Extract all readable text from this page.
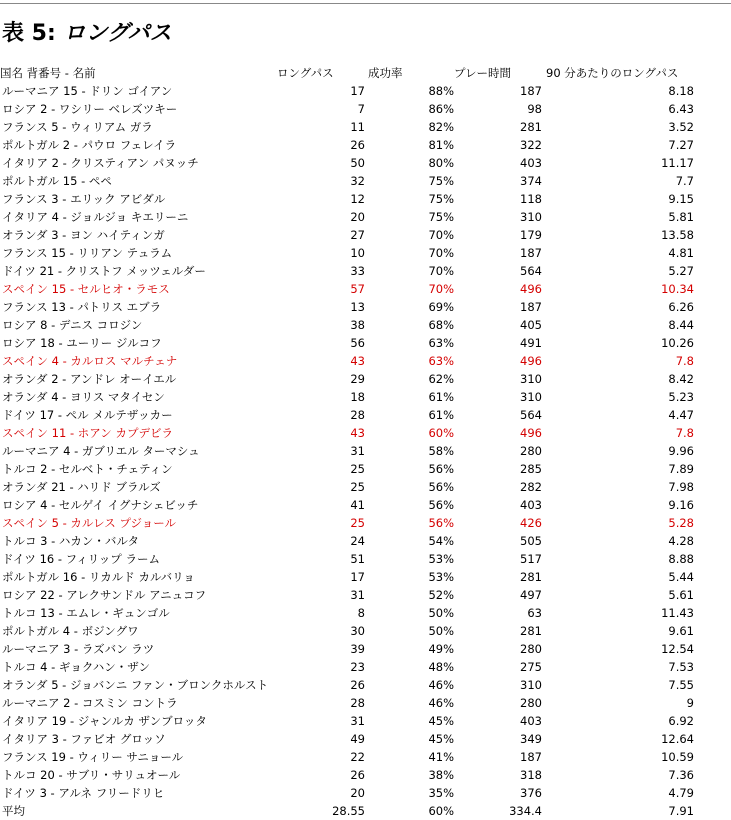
表 5: ロングパス
国名 背番号 - 名前	ロングパス	成功率	プレー時間	90 分あたりのロングパス
ルーマニア 15 - ドリン ゴイアン	17	88%	187	8.18
ロシア 2 - ワシリー ベレズツキー	7	86%	98	6.43
フランス 5 - ウィリアム ガラ	11	82%	281	3.52
ポルトガル 2 - パウロ フェレイラ	26	81%	322	7.27
イタリア 2 - クリスティアン パヌッチ	50	80%	403	11.17
ポルトガル 15 - ペペ	32	75%	374	7.7
フランス 3 - エリック アビダル	12	75%	118	9.15
イタリア 4 - ジョルジョ キエリーニ	20	75%	310	5.81
オランダ 3 - ヨン ハイティンガ	27	70%	179	13.58
フランス 15 - リリアン テュラム	10	70%	187	4.81
ドイツ 21 - クリストフ メッツェルダー	33	70%	564	5.27
スペイン 15 - セルヒオ・ラモス	57	70%	496	10.34
フランス 13 - パトリス エブラ	13	69%	187	6.26
ロシア 8 - デニス コロジン	38	68%	405	8.44
ロシア 18 - ユーリー ジルコフ	56	63%	491	10.26
スペイン 4 - カルロス マルチェナ	43	63%	496	7.8
オランダ 2 - アンドレ オーイエル	29	62%	310	8.42
オランダ 4 - ヨリス マタイセン	18	61%	310	5.23
ドイツ 17 - ペル メルテザッカー	28	61%	564	4.47
スペイン 11 - ホアン カプデビラ	43	60%	496	7.8
ルーマニア 4 - ガブリエル ターマシュ	31	58%	280	9.96
トルコ 2 - セルベト・チェティン	25	56%	285	7.89
オランダ 21 - ハリド ブラルズ	25	56%	282	7.98
ロシア 4 - セルゲイ イグナシェビッチ	41	56%	403	9.16
スペイン 5 - カルレス プジョール	25	56%	426	5.28
トルコ 3 - ハカン・バルタ	24	54%	505	4.28
ドイツ 16 - フィリップ ラーム	51	53%	517	8.88
ポルトガル 16 - リカルド カルバリョ	17	53%	281	5.44
ロシア 22 - アレクサンドル アニュコフ	31	52%	497	5.61
トルコ 13 - エムレ・ギュンゴル	8	50%	63	11.43
ポルトガル 4 - ボジングワ	30	50%	281	9.61
ルーマニア 3 - ラズバン ラツ	39	49%	280	12.54
トルコ 4 - ギョクハン・ザン	23	48%	275	7.53
オランダ 5 - ジョバンニ ファン・ブロンクホルスト	26	46%	310	7.55
ルーマニア 2 - コスミン コントラ	28	46%	280	9
イタリア 19 - ジャンルカ ザンブロッタ	31	45%	403	6.92
イタリア 3 - ファビオ グロッソ	49	45%	349	12.64
フランス 19 - ウィリー サニョール	22	41%	187	10.59
トルコ 20 - サブリ・サリュオール	26	38%	318	7.36
ドイツ 3 - アルネ フリードリヒ	20	35%	376	4.79
平均	28.55	60%	334.4	7.91
